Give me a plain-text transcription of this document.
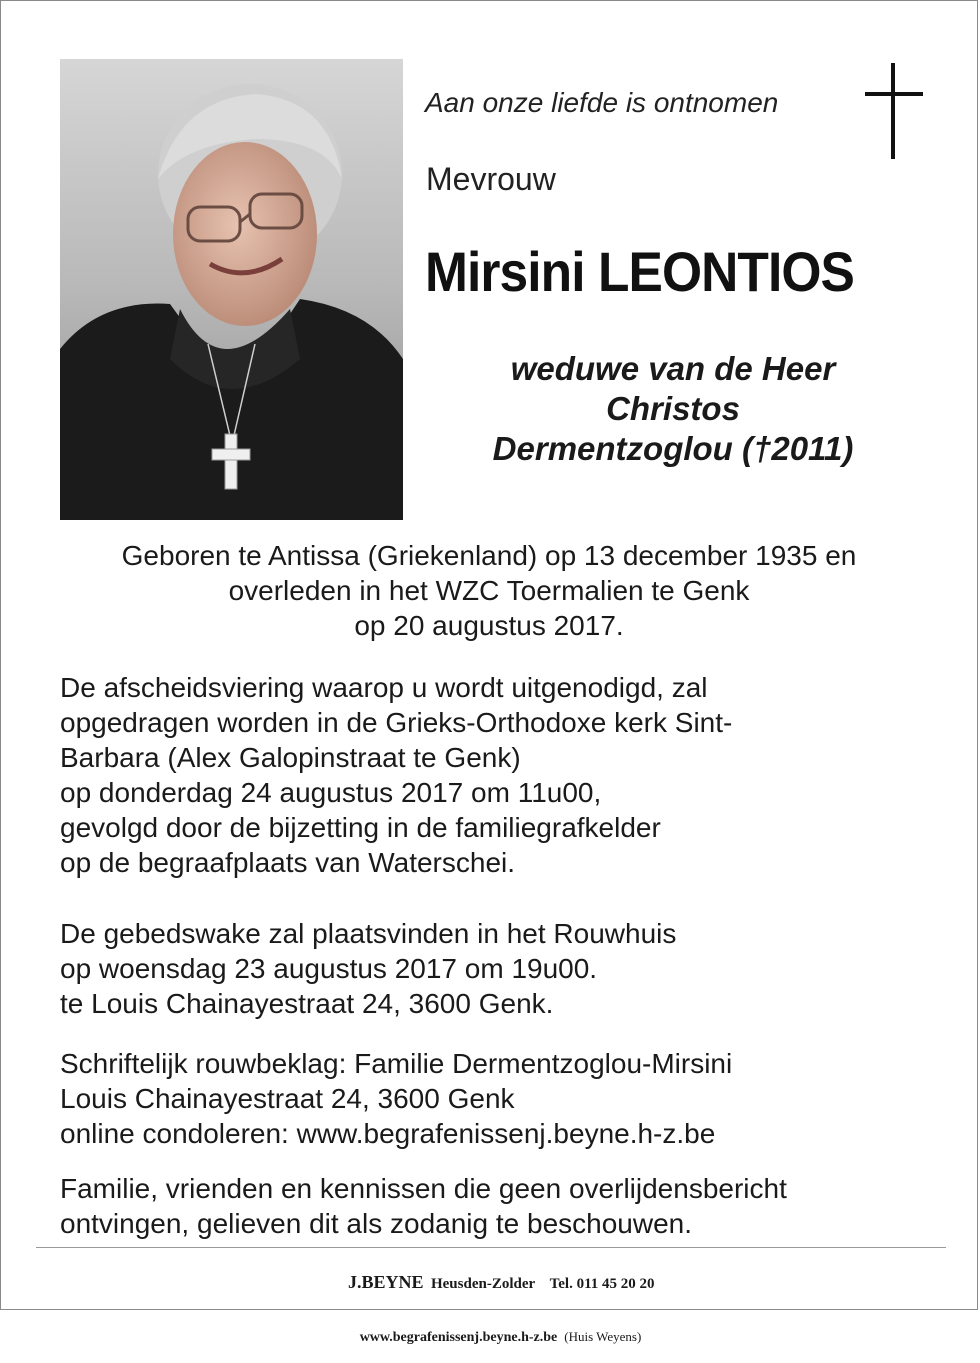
Aan onze liefde is ontnomen
Mevrouw
Mirsini LEONTIOS
weduwe van de Heer
Christos
Dermentzoglou (†2011)
Geboren te Antissa (Griekenland) op 13 december 1935 en
overleden in het WZC Toermalien te Genk
op 20 augustus 2017.

De afscheidsviering waarop u wordt uitgenodigd, zal

opgedragen worden in de Grieks-Orthodoxe kerk Sint-

Barbara (Alex Galopinstraat te Genk)

op donderdag 24 augustus 2017 om 11u00,

gevolgd door de bijzetting in de familiegrafkelder

op de begraafplaats van Waterschei.

De gebedswake zal plaatsvinden in het Rouwhuis

op woensdag 23 augustus 2017 om 19u00.

te Louis Chainayestraat 24, 3600 Genk.

Schriftelijk rouwbeklag: Familie Dermentzoglou-Mirsini

Louis Chainayestraat 24, 3600 Genk

online condoleren: www.begrafenissenj.beyne.h-z.be

Familie, vrienden en kennissen die geen overlijdensbericht

ontvingen, gelieven dit als zodanig te beschouwen.

J.BEYNE Heusden-Zolder Tel. 011 45 20 20

www.begrafenissenj.beyne.h-z.be (Huis Weyens)
